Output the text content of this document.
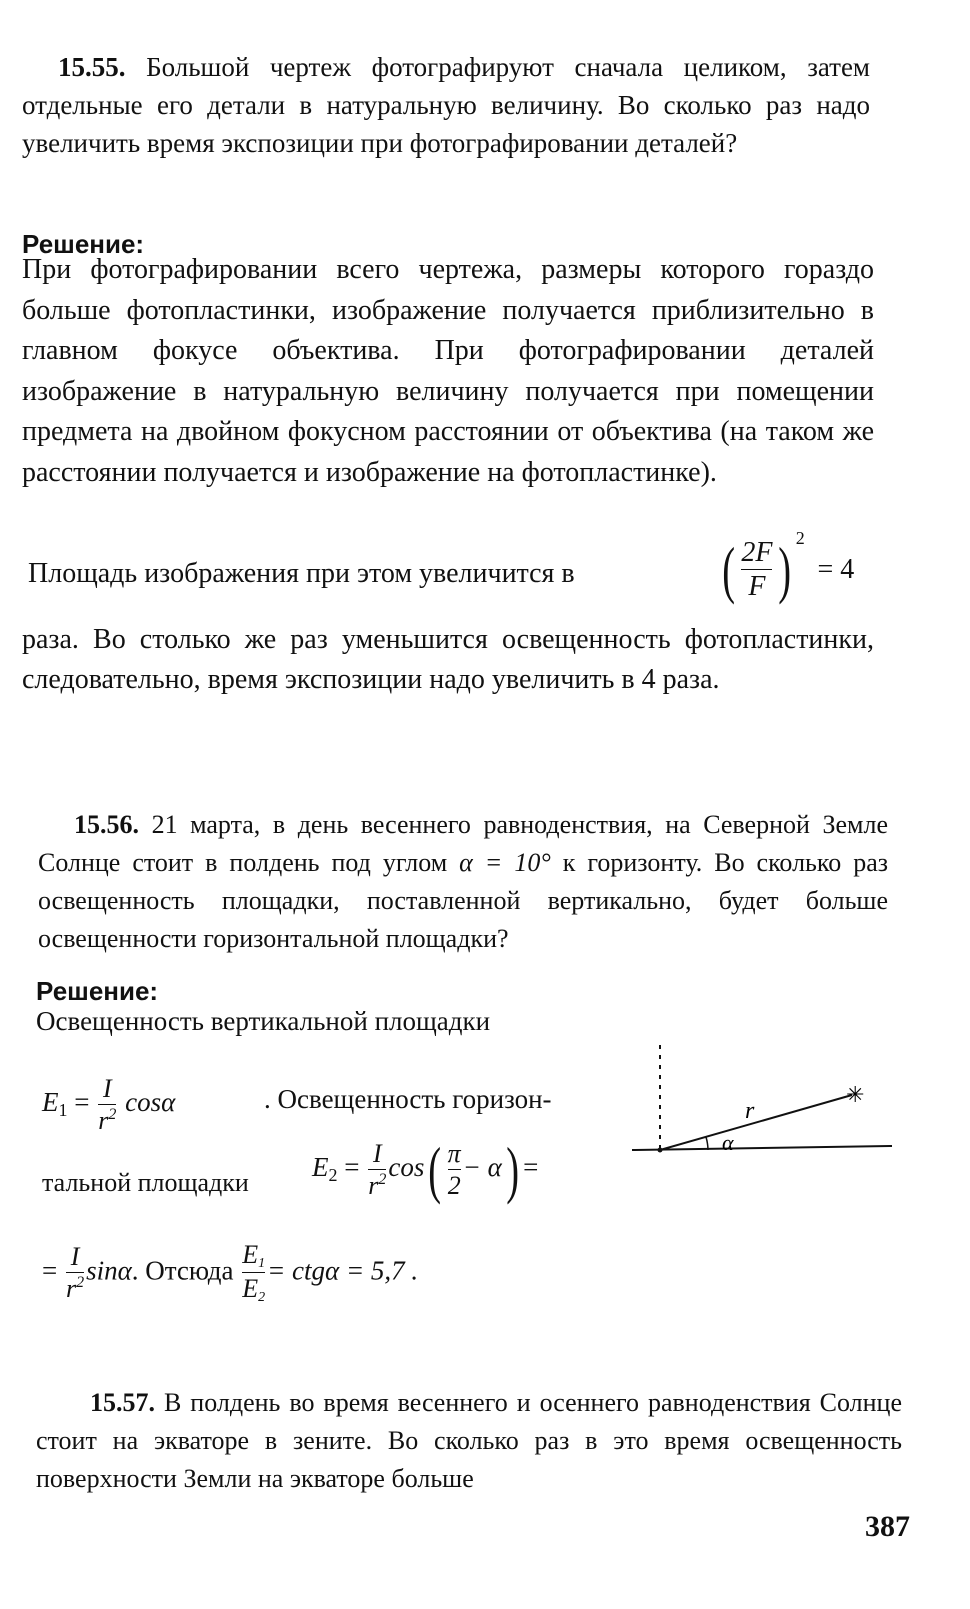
15.55. Большой чертеж фотографируют сначала целиком, затем отдельные его детали в натуральную величину. Во сколько раз надо увеличить время экспозиции при фотографировании деталей?
Решение:
При фотографировании всего чертежа, размеры которого гораздо больше фотопластинки, изображение получается приблизительно в главном фокусе объектива. При фотографировании деталей изображение в натуральную величину получается при помещении предмета на двойном фокусном расстоянии от объектива (на таком же расстоянии получается и изображение на фотопластинке).
Площадь изображения при этом увеличится в ( $\frac{2F}{F}$ ) $^2$ = 4
раза. Во столько же раз уменьшится освещенность фотопластинки, следовательно, время экспозиции надо увеличить в 4 раза.
15.56. 21 марта, в день весеннего равноденствия, на Северной Земле Солнце стоит в полдень под углом α = 10° к горизонту. Во сколько раз освещенность площадки, поставленной вертикально, будет больше освещенности горизонтальной площадки?
Решение:
Освещенность вертикальной площадки
$E_1 = \frac{I}{r^2}$ cosα	. Освещенность горизон-
тальной площадки
$E_2 = \frac{I}{r^2} \cos( \frac{\pi}{2} - \alpha)$ =
= $\frac{I}{r^2} \sin\alpha$. Отсюда $\frac{E1}{E2} = ctg\alpha = 5,7$ .
r
α
✳
15.57. В полдень во время весеннего и осеннего равноденствия Солнце стоит на экваторе в зените. Во сколько раз в это время освещенность поверхности Земли на экваторе больше
387
